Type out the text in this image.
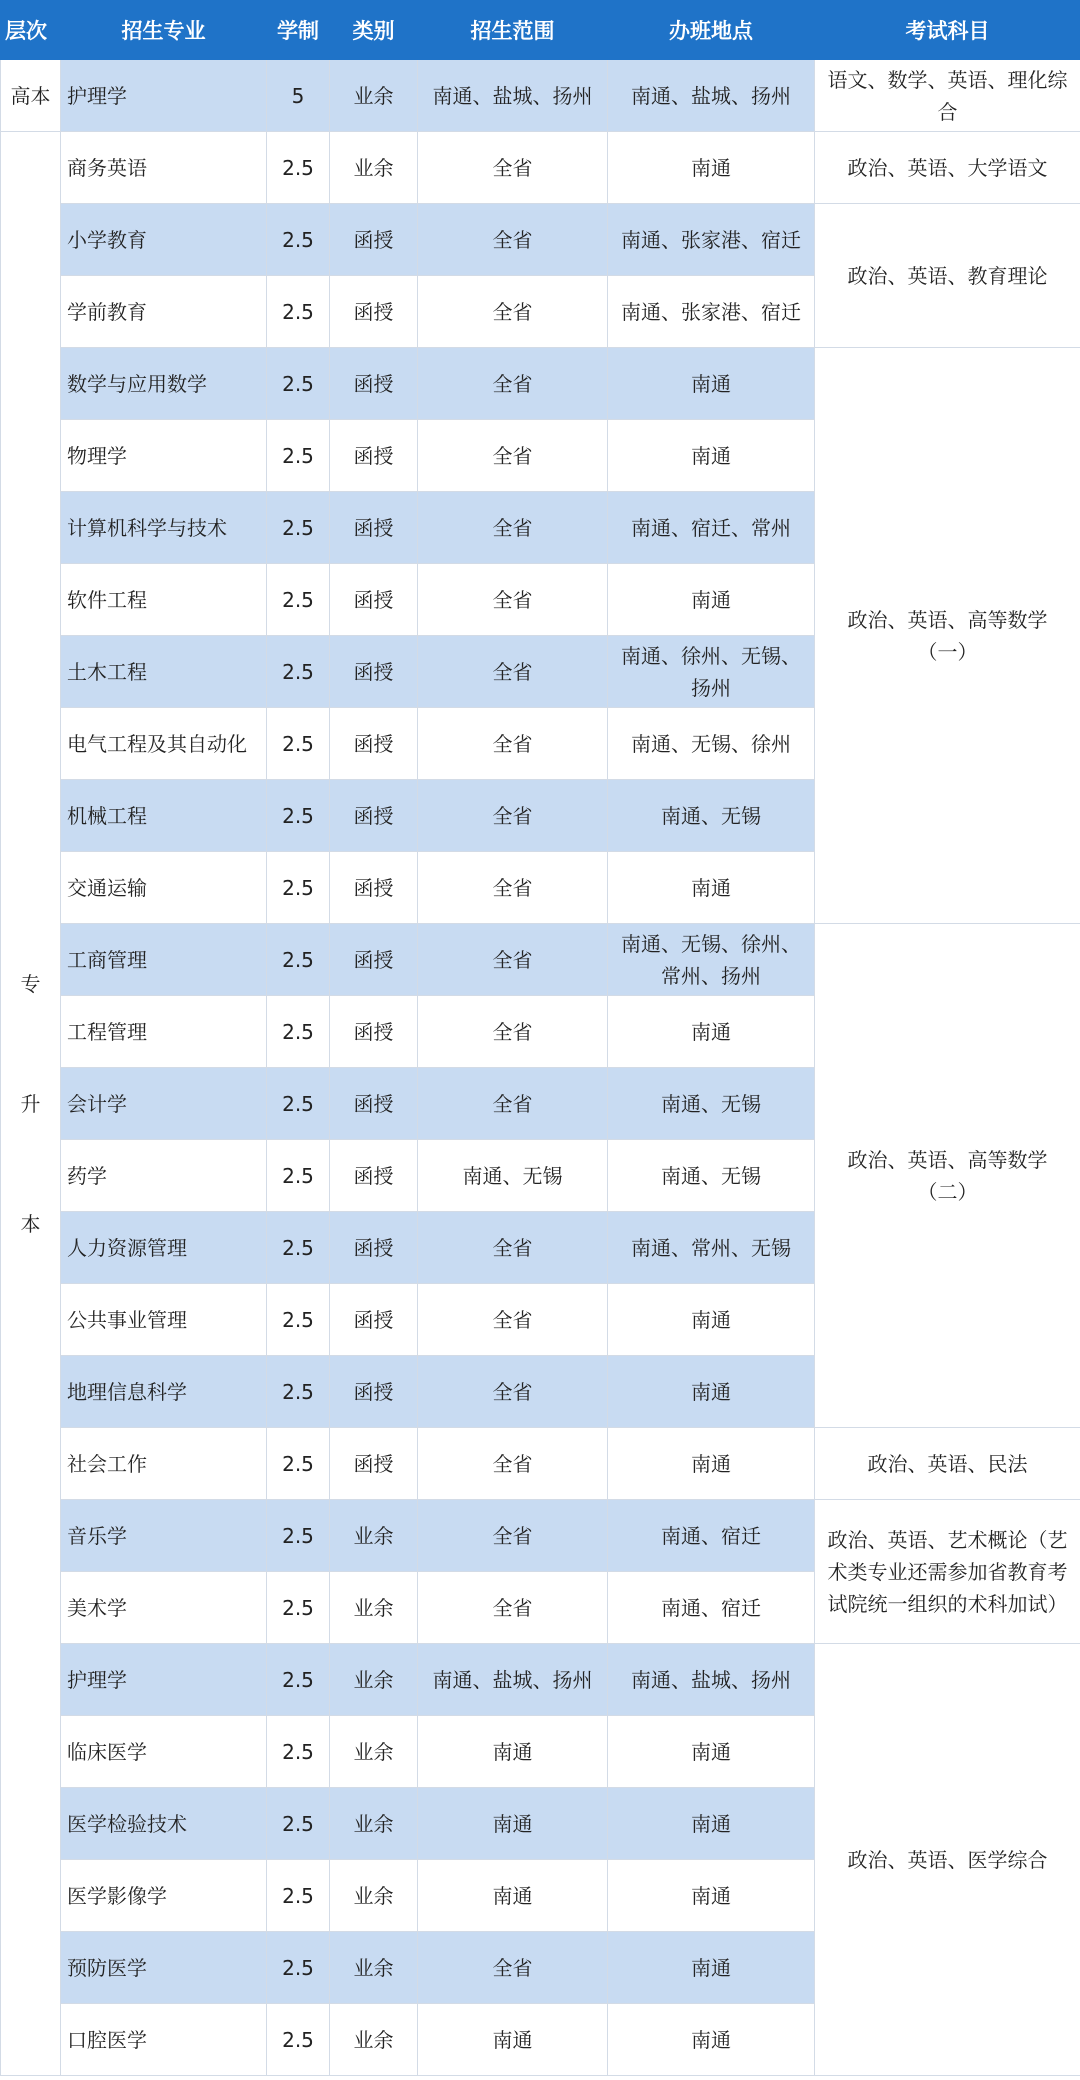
层次	招生专业	学制	类别	招生范围	办班地点	考试科目
高本	护理学	5	业余	南通、盐城、扬州	南通、盐城、扬州	语文、数学、英语、理化综合

专
升
本	商务英语	2.5	业余	全省	南通	政治、英语、大学语文
	小学教育	2.5	函授	全省	南通、张家港、宿迁	政治、英语、教育理论
	学前教育	2.5	函授	全省	南通、张家港、宿迁	
	数学与应用数学	2.5	函授	全省	南通	政治、英语、高等数学（一）
	物理学	2.5	函授	全省	南通	
	计算机科学与技术	2.5	函授	全省	南通、宿迁、常州	
	软件工程	2.5	函授	全省	南通	
	土木工程	2.5	函授	全省	南通、徐州、无锡、扬州	
	电气工程及其自动化	2.5	函授	全省	南通、无锡、徐州	
	机械工程	2.5	函授	全省	南通、无锡	
	交通运输	2.5	函授	全省	南通	
	工商管理	2.5	函授	全省	南通、无锡、徐州、常州、扬州	政治、英语、高等数学（二）
	工程管理	2.5	函授	全省	南通	
	会计学	2.5	函授	全省	南通、无锡	
	药学	2.5	函授	南通、无锡	南通、无锡	
	人力资源管理	2.5	函授	全省	南通、常州、无锡	
	公共事业管理	2.5	函授	全省	南通	
	地理信息科学	2.5	函授	全省	南通	
	社会工作	2.5	函授	全省	南通	政治、英语、民法
	音乐学	2.5	业余	全省	南通、宿迁	政治、英语、艺术概论（艺术类专业还需参加省教育考试院统一组织的术科加试）
	美术学	2.5	业余	全省	南通、宿迁	
	护理学	2.5	业余	南通、盐城、扬州	南通、盐城、扬州	政治、英语、医学综合
	临床医学	2.5	业余	南通	南通	
	医学检验技术	2.5	业余	南通	南通	
	医学影像学	2.5	业余	南通	南通	
	预防医学	2.5	业余	全省	南通	
	口腔医学	2.5	业余	南通	南通	
